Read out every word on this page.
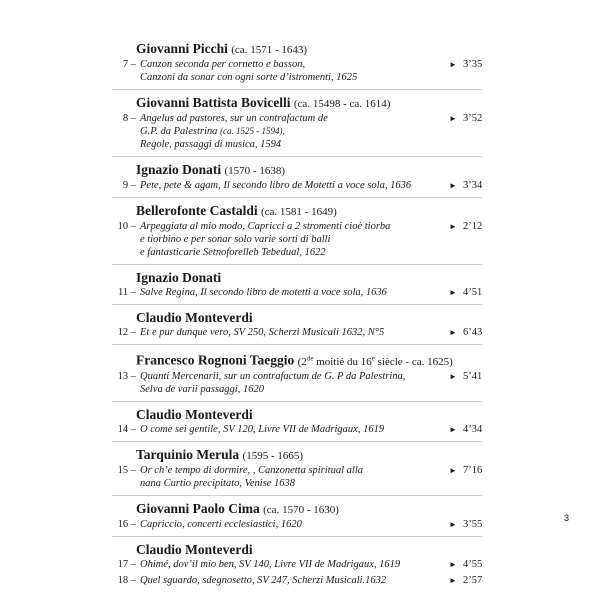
Giovanni Picchi (ca. 1571 - 1643)
7 – Canzon seconda per cornetto e basson,
Canzoni da sonar con ogni sorte d’istromenti, 1625
► 3’35
Giovanni Battista Bovicelli (ca. 15498 - ca. 1614)
8 – Angelus ad pastores, sur un contrafactum de
G.P. da Palestrina (ca. 1525 - 1594),
Regole, passaggi di musica, 1594
► 3’52
Ignazio Donati (1570 - 1638)
9 – Pete, pete & agam, Il secondo libro de Motetti a voce sola, 1636	► 3’34
Bellerofonte Castaldi (ca. 1581 - 1649)
10 – Arpeggiata al mio modo, Capricci a 2 stromenti cioè tiorba
e tiorbino e per sonar solo varie sorti di balli
e fantasticarie Setnoforelleb Tebedual, 1622
► 2’12
Ignazio Donati
11 – Salve Regina, Il secondo libro de motetti a voce sola, 1636	► 4’51
Claudio Monteverdi
12 – Et e pur dunque vero, SV 250, Scherzi Musicali 1632, N°5	► 6’43
Francesco Rognoni Taeggio (2de moitié du 16e siècle - ca. 1625)
13 – Quanti Mercenarii, sur un contrafactum de G. P da Palestrina,
Selva de varii passaggi, 1620
► 5’41
Claudio Monteverdi
14 – O come sei gentile, SV 120, Livre VII de Madrigaux, 1619	► 4’34
Tarquinio Merula (1595 - 1665)
15 – Or ch’e tempo di dormire, , Canzonetta spiritual alla
nana Curtio precipitato, Venise 1638
► 7’16
Giovanni Paolo Cima (ca. 1570 - 1630)
16 – Capriccio, concerti ecclesiastici, 1620	► 3’55
Claudio Monteverdi
17 – Ohimé, dov’il mio ben, SV 140, Livre VII de Madrigaux, 1619	► 4’55
18 – Quel sguardo, sdegnosetto, SV 247, Scherzi Musicali.1632	► 2’57
3
